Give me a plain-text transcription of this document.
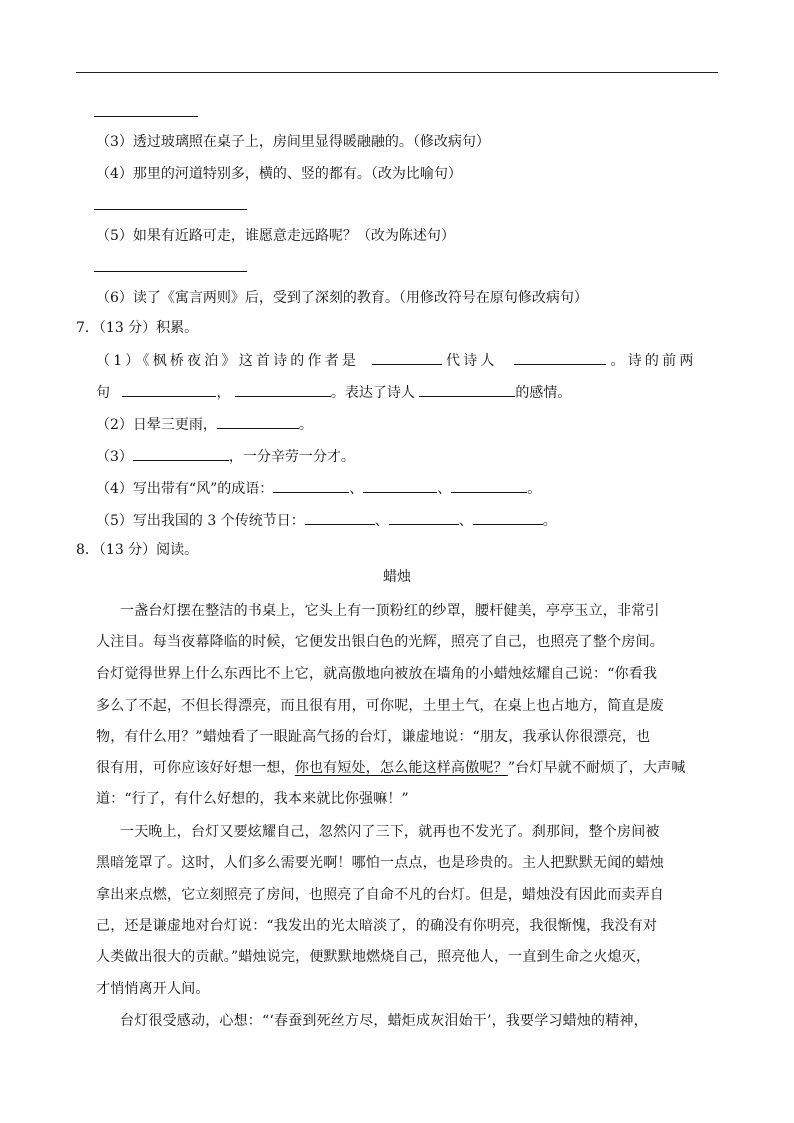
（3）透过玻璃照在桌子上，房间里显得暖融融的。（修改病句）
（4）那里的河道特别多，横的、竖的都有。（改为比喻句）
（5）如果有近路可走，谁愿意走远路呢？（改为陈述句）
（6）读了《寓言两则》后，受到了深刻的教育。（用修改符号在原句修改病句）
7．（13 分）积累。
（1）《枫桥夜泊》这首诗的作者是	代诗人	。诗的前两
句	，	。表达了诗人	的感情。
（2）日晕三更雨，	。
（3）	，一分辛劳一分才。
（4）写出带有“风”的成语：	、	、	。
（5）写出我国的 3 个传统节日：	、	、	。
8．（13 分）阅读。
蜡烛
一盏台灯摆在整洁的书桌上，它头上有一顶粉红的纱罩，腰杆健美，亭亭玉立，非常引
人注目。每当夜幕降临的时候，它便发出银白色的光辉，照亮了自己，也照亮了整个房间。
台灯觉得世界上什么东西比不上它，就高傲地向被放在墙角的小蜡烛炫耀自己说：“你看我
多么了不起，不但长得漂亮，而且很有用，可你呢，土里土气，在桌上也占地方，简直是废
物，有什么用？”蜡烛看了一眼趾高气扬的台灯，谦虚地说：“朋友，我承认你很漂亮，也
很有用，可你应该好好想一想，你也有短处，怎么能这样高傲呢？”台灯早就不耐烦了，大声喊
道：“行了，有什么好想的，我本来就比你强嘛！”
一天晚上，台灯又要炫耀自己，忽然闪了三下，就再也不发光了。刹那间，整个房间被
黑暗笼罩了。这时，人们多么需要光啊！哪怕一点点，也是珍贵的。主人把默默无闻的蜡烛
拿出来点燃，它立刻照亮了房间，也照亮了自命不凡的台灯。但是，蜡烛没有因此而卖弄自
己，还是谦虚地对台灯说：“我发出的光太暗淡了，的确没有你明亮，我很惭愧，我没有对
人类做出很大的贡献。”蜡烛说完，便默默地燃烧自己，照亮他人，一直到生命之火熄灭，
才悄悄离开人间。
台灯很受感动，心想：“‘春蚕到死丝方尽，蜡炬成灰泪始干’，我要学习蜡烛的精神，
